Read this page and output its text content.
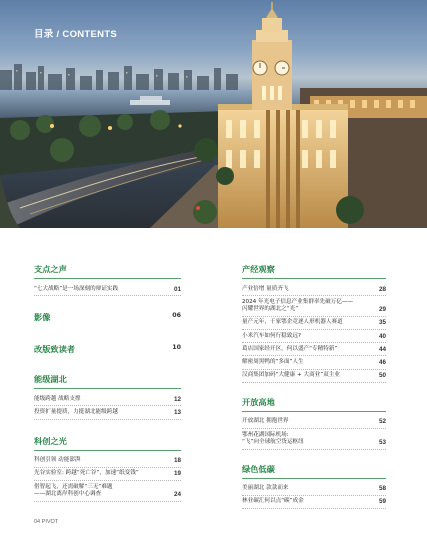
目录 / CONTENTS
支点之声
“七大战略”是一场深刻的辩证实践	01
影像	06
改版致读者	10
能级湖北
能级跨越 战略支撑	12
投资扩量提质，力挺湖北能级跨越	13
科创之光
科创引领 动能澎湃	18
光谷实验室: 跨越“死亡谷”，加速“纸变钱”	19
借智起飞，还需破解“三无”难题
——湖北离岸科创中心调查	24
产经观察
产业倍增 量质齐飞	28
2024 年光电子信息产业集群率先破万亿——
闪耀世界的湖北之“光”	29
量产元年，千家鄂企竞逐人形机器人赛道	35
小米汽车如何行稳致远?	40
葛店国家经开区，何以盛产“专精特新”	44
解密周黑鸭的“多面”人生	46
汉商集团加码“大健康 + 大商业”双主业	50
开放高地
开放湖北 拥抱世界	52
鄂州花湖国际机场:
“飞”向全球航空货运枢纽	53
绿色低碳
美丽湖北 款款而来	58
林业碳汇何以点“碳”成金	59
04 PIVOT
